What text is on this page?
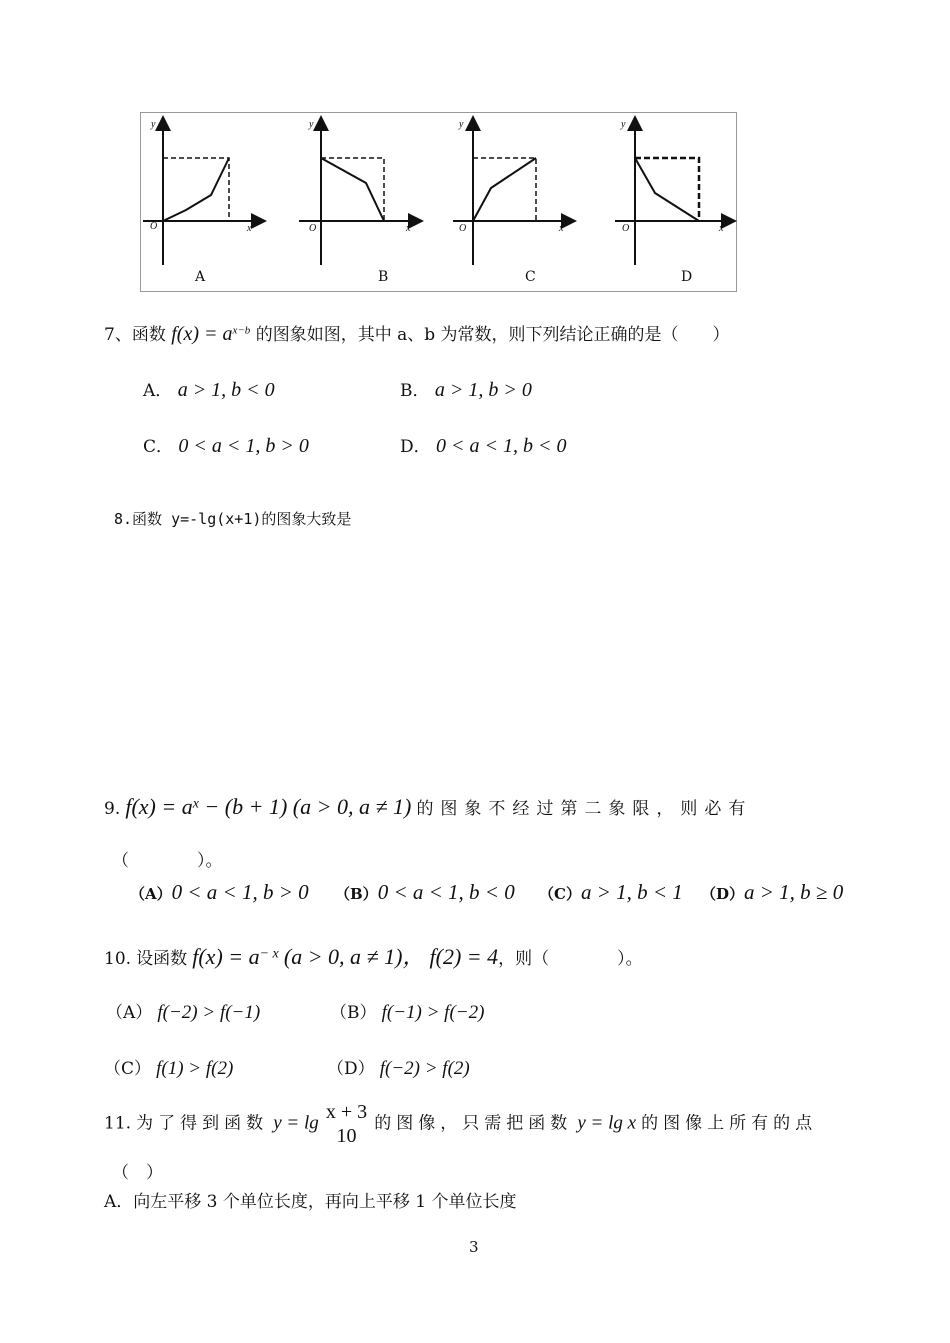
y
x
O
y
x
O
y
x
O
y
x
O
A	B	C	D
7、函数 $f(x) = a^{x-b}$ 的图象如图，其中 a、b 为常数，则下列结论正确的是（　　）
A． a > 1, b < 0	B． a > 1, b > 0
C． 0 < a < 1, b > 0	D． 0 < a < 1, b < 0
8.函数 y=-lg(x+1)的图象大致是
9. $f(x) = a^x - (b + 1) (a > 0$, a ≠ 1) 的图象不经过第二象限，则必有
（　　　　）。
（A）0 < a < 1, b > 0 （B）0 < a < 1, b < 0 （C）a > 1, b < 1 （D）a > 1, b ≥ 0
10. 设函数 $f(x) = a^{- x}$ (a > 0, a ≠ 1)， f(2) = 4，则（　　　　）。
（A） f(−2) > f(−1)	（B） f(−1) > f(−2)
（C） f(1) > f(2)	（D） f(−2) > f(2)
11. 为了得到函数 y = lg x + 3
10
的图像，只需把函数 y = lg x 的图像上所有的点
（　）
A．向左平移 3 个单位长度，再向上平移 1 个单位长度
3
